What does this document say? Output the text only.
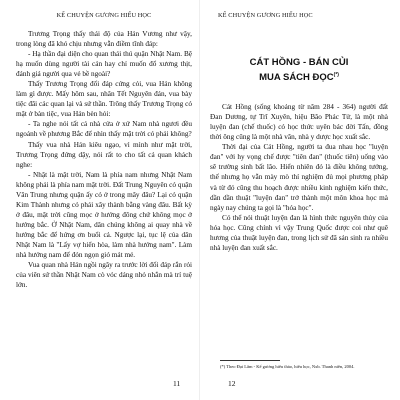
KỂ CHUYỆN GƯƠNG HIẾU HỌC

Trương Trọng thấy thái độ của Hán Vương như vậy, trong lòng đã khó chịu nhưng vẫn điềm tĩnh đáp:

- Hạ thần đại diện cho quan thái thú quận Nhật Nam. Bệ hạ muốn dùng người tài cán hay chỉ muốn đổ xương thịt, đánh giá người qua vẻ bề ngoài?

Thấy Trương Trọng đối đáp cứng cỏi, vua Hán không làm gì được. Mấy hôm sau, nhân Tết Nguyên đán, vua bày tiệc đãi các quan lại và sứ thần. Trông thấy Trương Trọng có mặt ở bàn tiệc, vua Hán bèn hỏi:

- Ta nghe nói tất cả nhà cửa ở xứ Nam nhà ngươi đều ngoảnh về phương Bắc để nhìn thấy mặt trời có phải không?

Thấy vua nhà Hán kiêu ngạo, vì mình như mặt trời, Trương Trọng đứng dậy, nói rất to cho tất cả quan khách nghe:

- Nhật là mặt trời, Nam là phía nam nhưng Nhật Nam không phải là phía nam mặt trời. Đất Trung Nguyên có quận Vân Trung nhưng quận ấy có ở trong mây đâu? Lại có quận Kim Thành nhưng có phải xây thành bằng vàng đâu. Bất kỳ ở đâu, mặt trời cũng mọc ở hướng đông chứ không mọc ở hướng bắc. Ở Nhật Nam, dân chúng không ai quay nhà về hướng bắc để hứng ơn buổi cả. Ngược lại, tục lệ của dân Nhật Nam là "Lấy vợ hiển hòa, làm nhà hướng nam". Làm nhà hướng nam để đón ngọn gió mát mẻ.

Vua quan nhà Hán ngồi ngây ra trước lời đối đáp rắn rỏi của viên sứ thần Nhật Nam cò vóc dáng nhỏ nhắn mà trí tuệ lớn.

11
KỂ CHUYỆN GƯƠNG HIẾU HỌC
CÁT HỒNG - BÁN CỦI
MUA SÁCH ĐỌC(*)

Cát Hồng (sống khoảng từ năm 284 - 364) người đất Đan Dương, tự Trĩ Xuyên, hiệu Bão Phác Tử, là một nhà luyện đan (chế thuốc) có học thức uyên bác đời Tấn, đồng thời ông cũng là một nhà văn, nhà y dược học xuất sắc.

Thời đại của Cát Hồng, người ta đua nhau học "luyện đan" với hy vọng chế được "tiên đan" (thuốc tiên) uống vào sẽ trường sinh bất lão. Hiển nhiên đó là điều không tưởng, thế nhưng họ vẫn mày mò thí nghiệm đủ mọi phương pháp và từ đó cũng thu hoạch được nhiều kinh nghiệm kiến thức, dần dần thuật "luyện đan" trở thành một môn khoa học mà ngày nay chúng ta gọi là "hóa học".

Có thể nói thuật luyện đan là hình thức nguyên thủy của hóa học. Cũng chính vì vậy Trung Quốc được coi như quê hương của thuật luyện đan, trong lịch sử đã sản sinh ra nhiều nhà luyện đan xuất sắc.

(*) Theo Đại Lâm - Kể gương hiếu thảo, hiếu học, Nxb. Thanh niên, 2004.
12
